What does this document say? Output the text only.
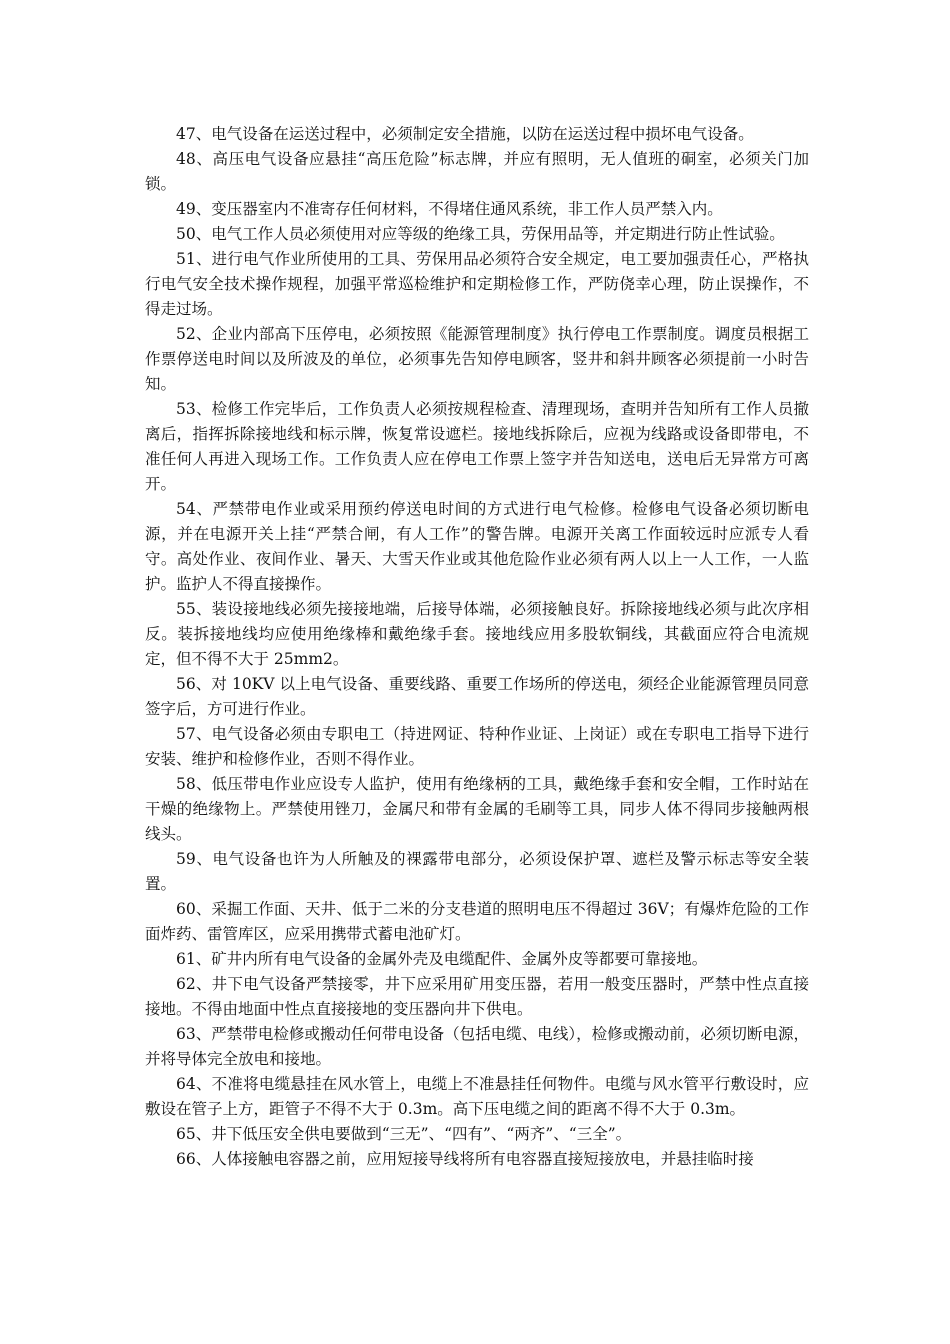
47、电气设备在运送过程中，必须制定安全措施，以防在运送过程中损坏电气设备。

48、高压电气设备应悬挂“高压危险”标志牌，并应有照明，无人值班的硐室，必须关门加锁。

49、变压器室内不准寄存任何材料，不得堵住通风系统，非工作人员严禁入内。

50、电气工作人员必须使用对应等级的绝缘工具，劳保用品等，并定期进行防止性试验。

51、进行电气作业所使用的工具、劳保用品必须符合安全规定，电工要加强责任心，严格执行电气安全技术操作规程，加强平常巡检维护和定期检修工作，严防侥幸心理，防止误操作，不得走过场。

52、企业内部高下压停电，必须按照《能源管理制度》执行停电工作票制度。调度员根据工作票停送电时间以及所波及的单位，必须事先告知停电顾客，竖井和斜井顾客必须提前一小时告知。

53、检修工作完毕后，工作负责人必须按规程检查、清理现场，查明并告知所有工作人员撤离后，指挥拆除接地线和标示牌，恢复常设遮栏。接地线拆除后，应视为线路或设备即带电，不准任何人再进入现场工作。工作负责人应在停电工作票上签字并告知送电，送电后无异常方可离开。

54、严禁带电作业或采用预约停送电时间的方式进行电气检修。检修电气设备必须切断电源，并在电源开关上挂“严禁合闸，有人工作”的警告牌。电源开关离工作面较远时应派专人看守。高处作业、夜间作业、暑天、大雪天作业或其他危险作业必须有两人以上一人工作，一人监护。监护人不得直接操作。

55、装设接地线必须先接接地端，后接导体端，必须接触良好。拆除接地线必须与此次序相反。装拆接地线均应使用绝缘棒和戴绝缘手套。接地线应用多股软铜线，其截面应符合电流规定，但不得不大于 25mm2。

56、对 10KV 以上电气设备、重要线路、重要工作场所的停送电，须经企业能源管理员同意签字后，方可进行作业。

57、电气设备必须由专职电工（持进网证、特种作业证、上岗证）或在专职电工指导下进行安装、维护和检修作业，否则不得作业。

58、低压带电作业应设专人监护，使用有绝缘柄的工具，戴绝缘手套和安全帽，工作时站在干燥的绝缘物上。严禁使用锉刀，金属尺和带有金属的毛刷等工具，同步人体不得同步接触两根线头。

59、电气设备也许为人所触及的裸露带电部分，必须设保护罩、遮栏及警示标志等安全装置。

60、采掘工作面、天井、低于二米的分支巷道的照明电压不得超过 36V；有爆炸危险的工作面炸药、雷管库区，应采用携带式蓄电池矿灯。

61、矿井内所有电气设备的金属外壳及电缆配件、金属外皮等都要可靠接地。

62、井下电气设备严禁接零，井下应采用矿用变压器，若用一般变压器时，严禁中性点直接接地。不得由地面中性点直接接地的变压器向井下供电。

63、严禁带电检修或搬动任何带电设备（包括电缆、电线），检修或搬动前，必须切断电源，并将导体完全放电和接地。

64、不准将电缆悬挂在风水管上，电缆上不准悬挂任何物件。电缆与风水管平行敷设时，应敷设在管子上方，距管子不得不大于 0.3m。高下压电缆之间的距离不得不大于 0.3m。

65、井下低压安全供电要做到“三无”、“四有”、“两齐”、“三全”。

66、人体接触电容器之前，应用短接导线将所有电容器直接短接放电，并悬挂临时接
